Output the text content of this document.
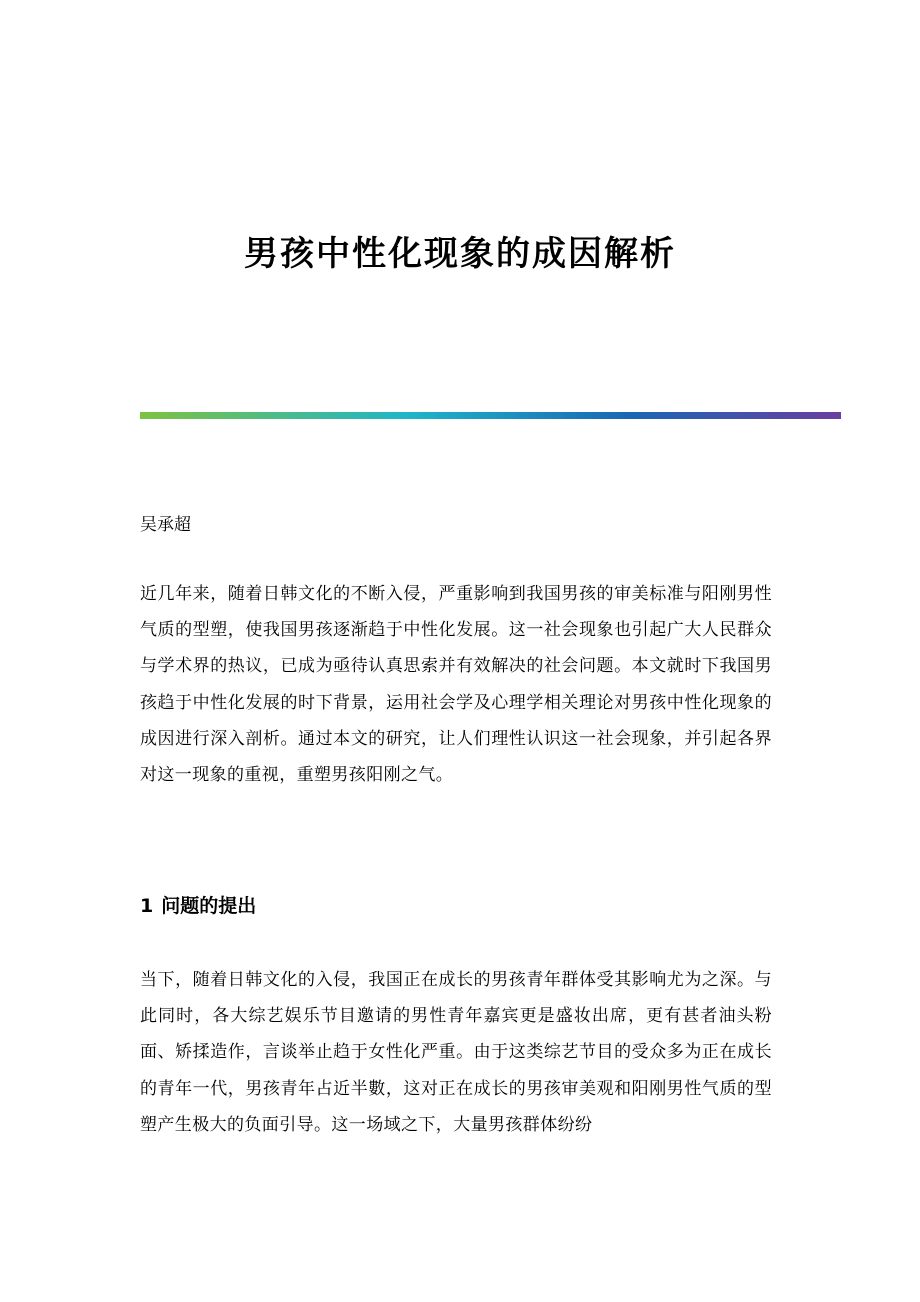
男孩中性化现象的成因解析

吴承超

近几年来，随着日韩文化的不断入侵，严重影响到我国男孩的审美标准与阳刚男性气质的型塑，使我国男孩逐渐趋于中性化发展。这一社会现象也引起广大人民群众与学术界的热议，已成为亟待认真思索并有效解决的社会问题。本文就时下我国男孩趋于中性化发展的时下背景，运用社会学及心理学相关理论对男孩中性化现象的成因进行深入剖析。通过本文的研究，让人们理性认识这一社会现象，并引起各界对这一现象的重视，重塑男孩阳刚之气。

1 问题的提出

当下，随着日韩文化的入侵，我国正在成长的男孩青年群体受其影响尤为之深。与此同时，各大综艺娱乐节目邀请的男性青年嘉宾更是盛妆出席，更有甚者油头粉面、矫揉造作，言谈举止趋于女性化严重。由于这类综艺节目的受众多为正在成长的青年一代，男孩青年占近半數，这对正在成长的男孩审美观和阳刚男性气质的型塑产生极大的负面引导。这一场域之下，大量男孩群体纷纷
